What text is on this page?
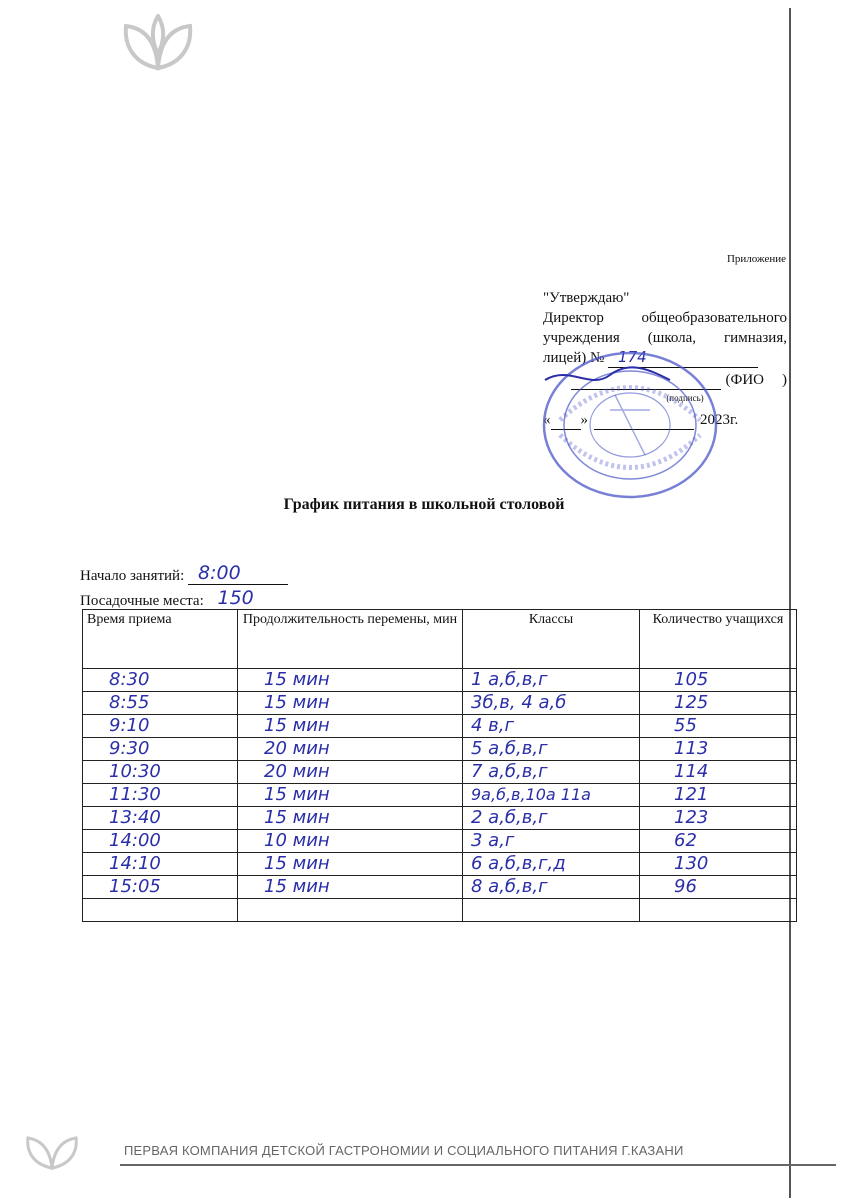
Приложение

"Утверждаю"

Директор общеобразовательного

учреждения (школа, гимназия,

лицей) № 174

(ФИО	)
(подпись)
« »	2023г.
График питания в школьной столовой
Начало занятий: 8:00
Посадочные места: 150
Время приема	Продолжительность перемены, мин	Классы	Количество учащихся

8:30	15 мин	1 а,б,в,г	105

8:55	15 мин	3б,в, 4 а,б	125

9:10	15 мин	4 в,г	55

9:30	20 мин	5 а,б,в,г	113

10:30	20 мин	7 а,б,в,г	114

11:30	15 мин	9а,б,в,10а 11а	121

13:40	15 мин	2 а,б,в,г	123

14:00	10 мин	3 а,г	62

14:10	15 мин	6 а,б,в,г,д	130

15:05	15 мин	8 а,б,в,г	96

ПЕРВАЯ КОМПАНИЯ ДЕТСКОЙ ГАСТРОНОМИИ И СОЦИАЛЬНОГО ПИТАНИЯ Г.КАЗАНИ
